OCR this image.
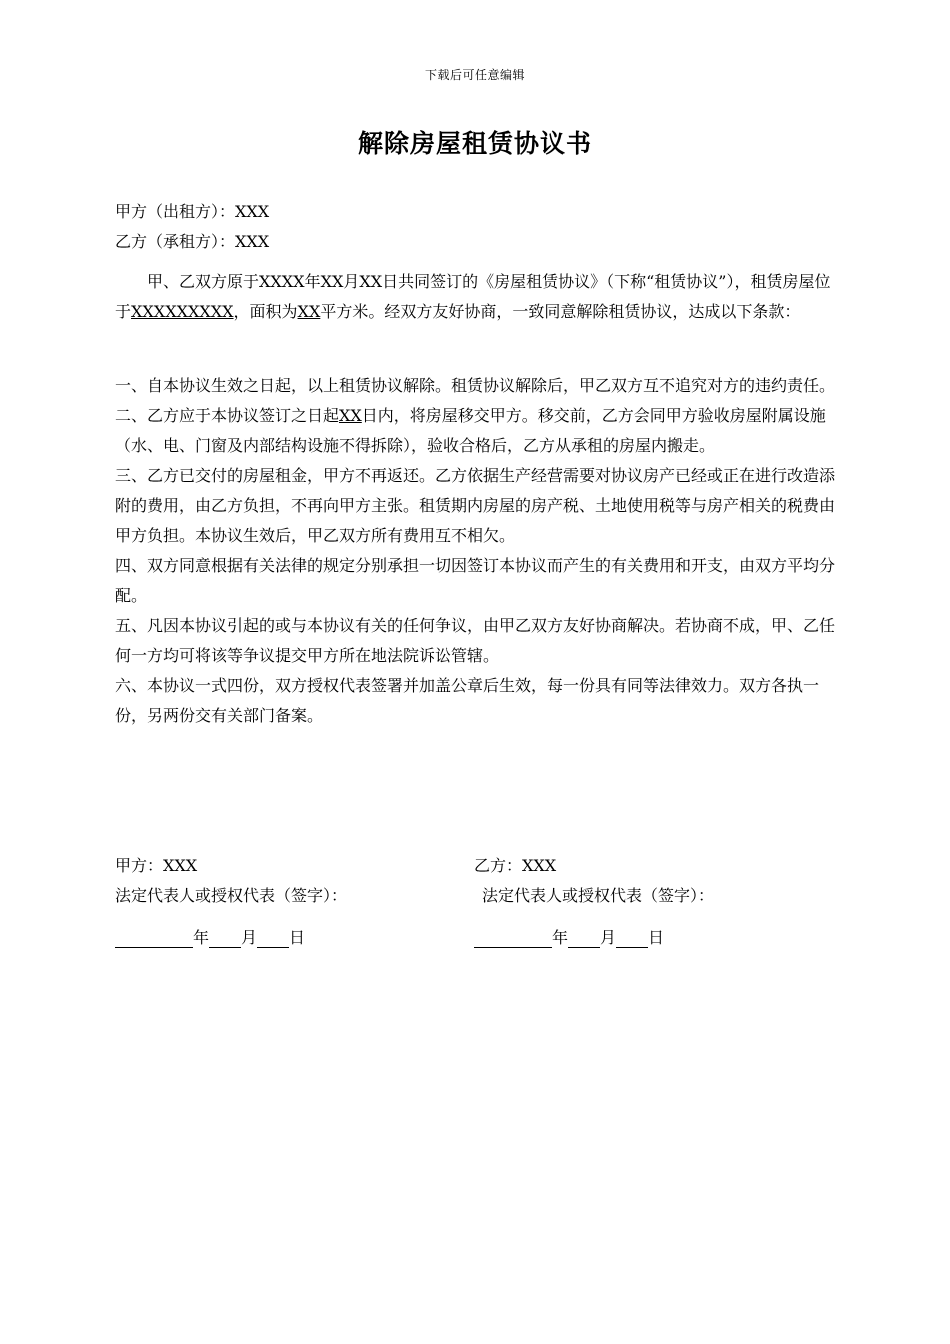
下载后可任意编辑
解除房屋租赁协议书
甲方（出租方）：XXX
乙方（承租方）：XXX

甲、乙双方原于XXXX年XX月XX日共同签订的《房屋租赁协议》（下称“租赁协议”），租赁房屋位于XXXXXXXXX，面积为XX平方米。经双方友好协商，一致同意解除租赁协议，达成以下条款：

一、自本协议生效之日起，以上租赁协议解除。租赁协议解除后，甲乙双方互不追究对方的违约责任。

二、乙方应于本协议签订之日起XX日内，将房屋移交甲方。移交前，乙方会同甲方验收房屋附属设施（水、电、门窗及内部结构设施不得拆除），验收合格后，乙方从承租的房屋内搬走。

三、乙方已交付的房屋租金，甲方不再返还。乙方依据生产经营需要对协议房产已经或正在进行改造添附的费用，由乙方负担，不再向甲方主张。租赁期内房屋的房产税、土地使用税等与房产相关的税费由甲方负担。本协议生效后，甲乙双方所有费用互不相欠。

四、双方同意根据有关法律的规定分别承担一切因签订本协议而产生的有关费用和开支，由双方平均分配。

五、凡因本协议引起的或与本协议有关的任何争议，由甲乙双方友好协商解决。若协商不成，甲、乙任何一方均可将该等争议提交甲方所在地法院诉讼管辖。

六、本协议一式四份，双方授权代表签署并加盖公章后生效，每一份具有同等法律效力。双方各执一份，另两份交有关部门备案。

甲方：XXX
法定代表人或授权代表（签字）：
年 月 日
乙方：XXX
法定代表人或授权代表（签字）：
年 月 日
